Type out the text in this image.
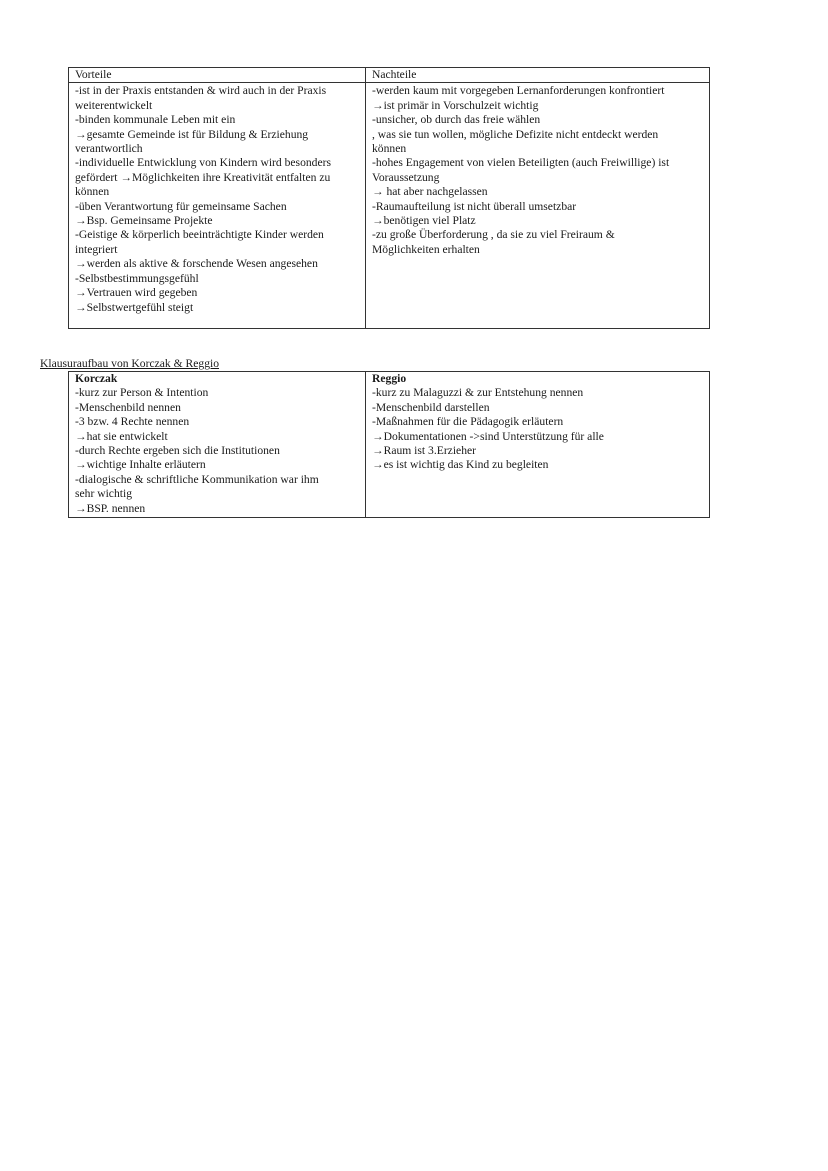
Vorteile	Nachteile
-ist in der Praxis entstanden & wird auch in der Praxis
weiterentwickelt
-binden kommunale Leben mit ein
→gesamte Gemeinde ist für Bildung & Erziehung
verantwortlich
-individuelle Entwicklung von Kindern wird besonders
gefördert →Möglichkeiten ihre Kreativität entfalten zu
können
-üben Verantwortung für gemeinsame Sachen
→Bsp. Gemeinsame Projekte
-Geistige & körperlich beeinträchtigte Kinder werden
integriert
→werden als aktive & forschende Wesen angesehen
-Selbstbestimmungsgefühl
→Vertrauen wird gegeben
→Selbstwertgefühl steigt
-werden kaum mit vorgegeben Lernanforderungen konfrontiert
→ist primär in Vorschulzeit wichtig
-unsicher, ob durch das freie wählen
, was sie tun wollen, mögliche Defizite nicht entdeckt werden
können
-hohes Engagement von vielen Beteiligten (auch Freiwillige) ist
Voraussetzung
→ hat aber nachgelassen
-Raumaufteilung ist nicht überall umsetzbar
→benötigen viel Platz
-zu große Überforderung , da sie zu viel Freiraum &
Möglichkeiten erhalten
Klausuraufbau von Korczak & Reggio
Korczak
-kurz zur Person & Intention
-Menschenbild nennen
-3 bzw. 4 Rechte nennen
→hat sie entwickelt
-durch Rechte ergeben sich die Institutionen
→wichtige Inhalte erläutern
-dialogische & schriftliche Kommunikation war ihm
sehr wichtig
→BSP. nennen
Reggio
-kurz zu Malaguzzi & zur Entstehung nennen
-Menschenbild darstellen
-Maßnahmen für die Pädagogik erläutern
→Dokumentationen ->sind Unterstützung für alle
→Raum ist 3.Erzieher
→es ist wichtig das Kind zu begleiten
